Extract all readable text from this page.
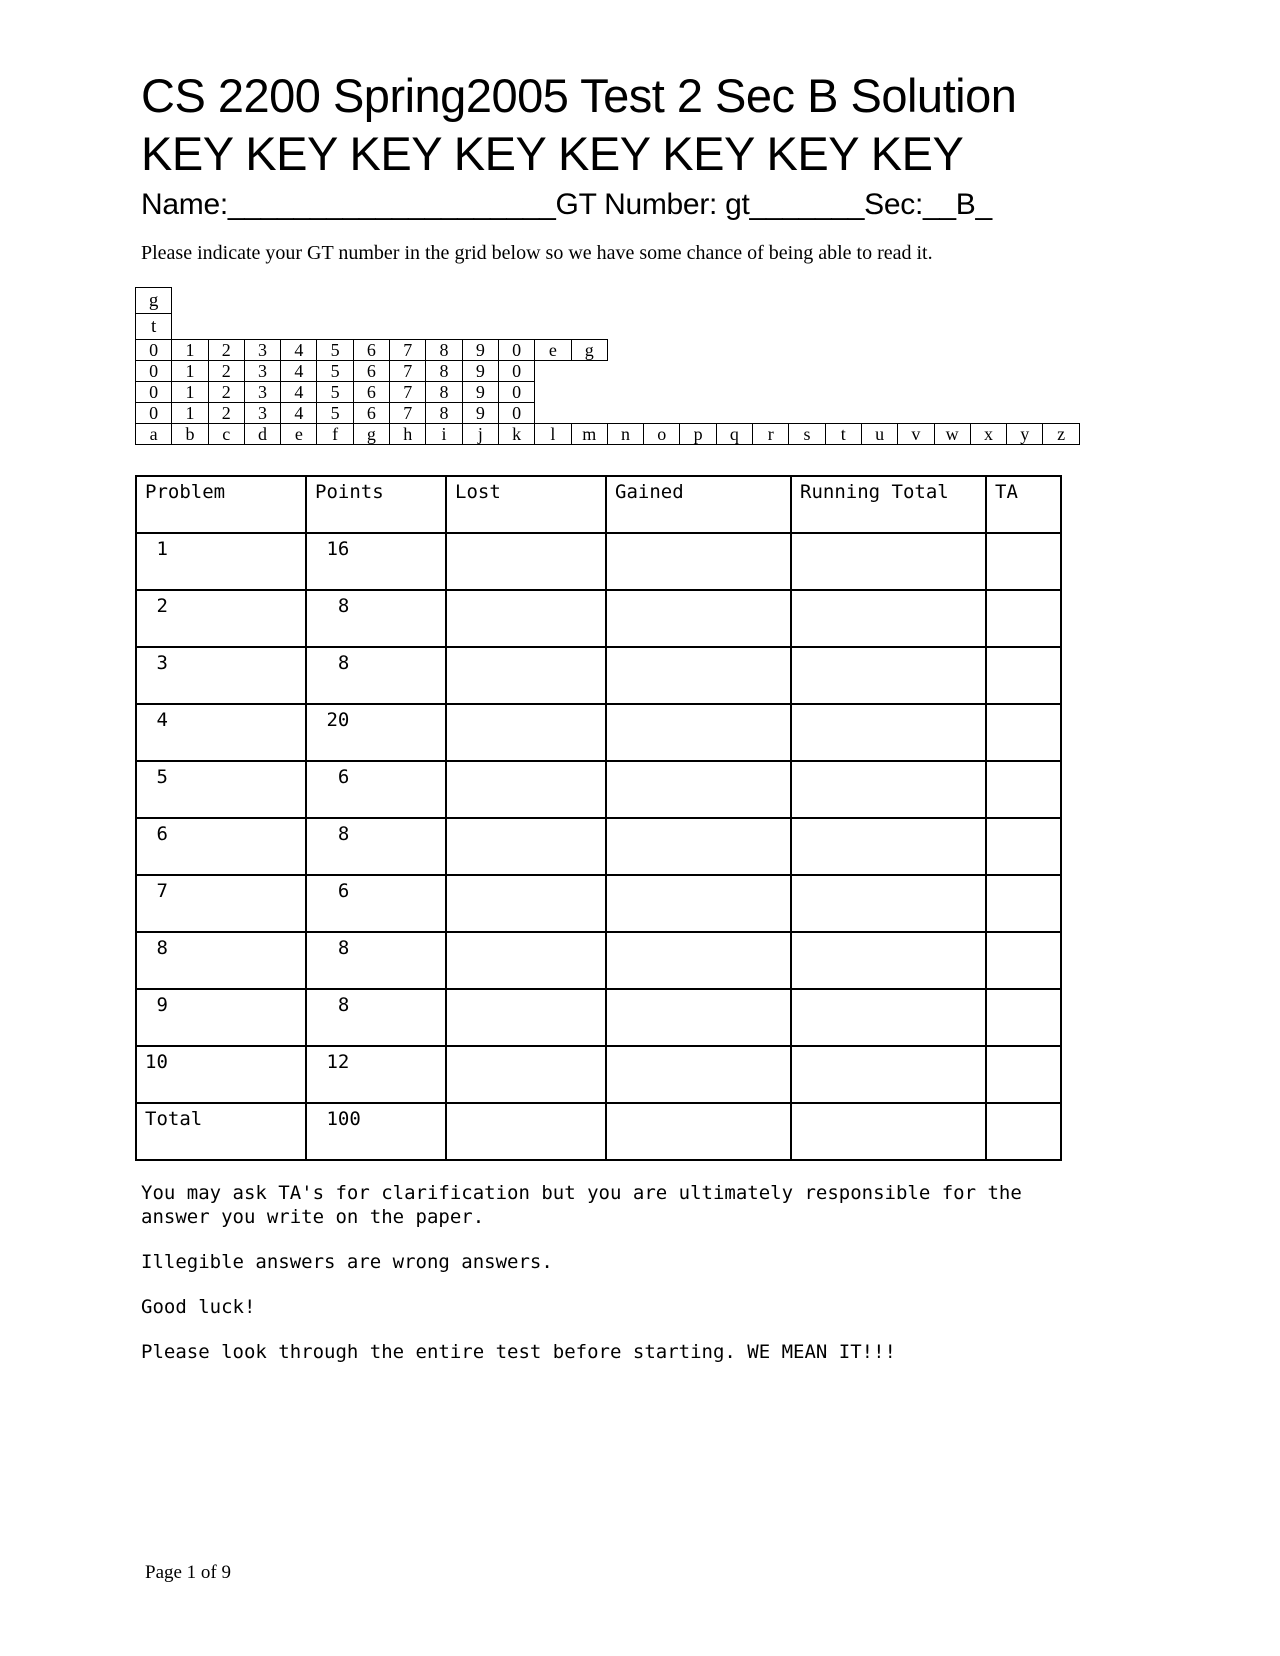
CS 2200 Spring2005 Test 2 Sec B Solution
KEY KEY KEY KEY KEY KEY KEY KEY
Name:____________________GT Number: gt_______Sec:__B_
Please indicate your GT number in the grid below so we have some chance of being able to read it.
g
t
0	1	2	3	4	5	6	7	8	9	0	e	g
0	1	2	3	4	5	6	7	8	9	0
0	1	2	3	4	5	6	7	8	9	0
0	1	2	3	4	5	6	7	8	9	0
a	b	c	d	e	f	g	h	i	j	k	l	m	n	o	p	q	r	s	t	u	v	w	x	y	z
Problem	Points	Lost	Gained	Running Total	TA
1	16				
2	8				
3	8				
4	20				
5	6				
6	8				
7	6				
8	8				
9	8				
10	12				
Total	100				
You may ask TA's for clarification but you are ultimately responsible for the
answer you write on the paper.
Illegible answers are wrong answers.
Good luck!
Please look through the entire test before starting. WE MEAN IT!!!
Page 1 of 9
